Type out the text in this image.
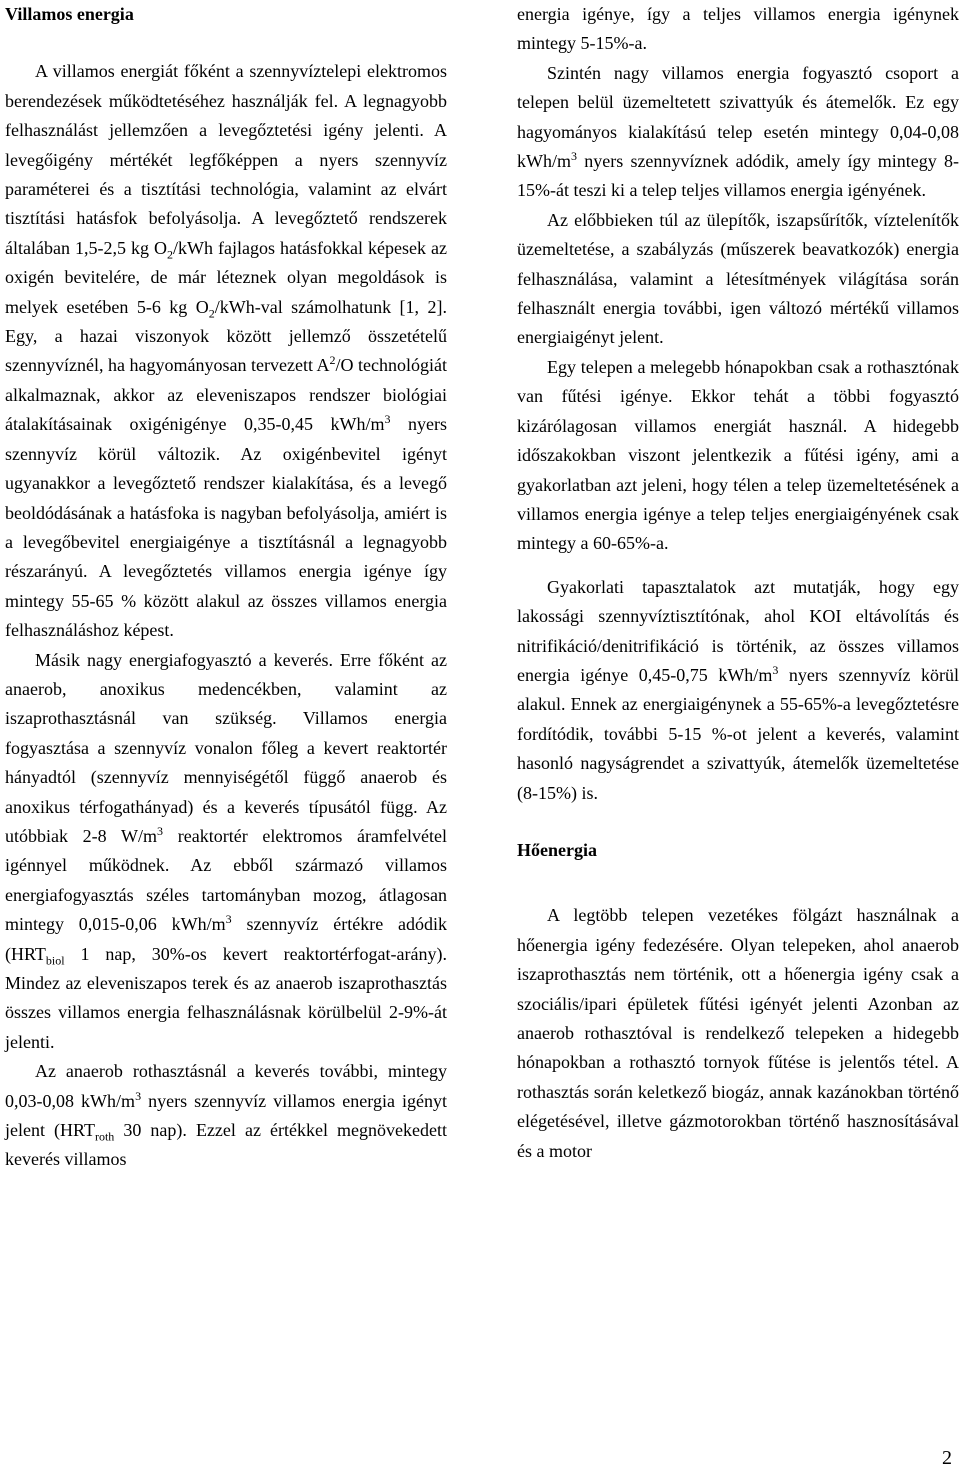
Villamos energia

A villamos energiát főként a szennyvíztelepi elektromos berendezések működtetéséhez használják fel. A legnagyobb felhasználást jellemzően a levegőztetési igény jelenti. A levegőigény mértékét legfőképpen a nyers szennyvíz paraméterei és a tisztítási technológia, valamint az elvárt tisztítási hatásfok befolyásolja. A levegőztető rendszerek általában 1,5-2,5 kg $O_2$/kWh fajlagos hatásfokkal képesek az oxigén bevitelére, de már léteznek olyan megoldások is melyek esetében 5-6 kg $O_2/kWh$-val számolhatunk [1, 2]. Egy, a hazai viszonyok között jellemző összetételű szennyvíznél, ha hagyományosan tervezett $A^2/O$ technológiát alkalmaznak, akkor az eleveniszapos rendszer biológiai átalakításainak oxigénigénye 0,35-0,45 kWh/$m^3$ nyers szennyvíz körül változik. Az oxigénbevitel igényt ugyanakkor a levegőztető rendszer kialakítása, és a levegő beoldódásának a hatásfoka is nagyban befolyásolja, amiért is a levegőbevitel energiaigénye a tisztításnál a legnagyobb részarányú. A levegőztetés villamos energia igénye így mintegy 55-65 % között alakul az összes villamos energia felhasználáshoz képest.

Másik nagy energiafogyasztó a keverés. Erre főként az anaerob, anoxikus medencékben, valamint az iszaprothasztásnál van szükség. Villamos energia fogyasztása a szennyvíz vonalon főleg a kevert reaktortér hányadtól (szennyvíz mennyiségétől függő anaerob és anoxikus térfogathányad) és a keverés típusától függ. Az utóbbiak 2-8 $W/m^3$ reaktortér elektromos áramfelvétel igénnyel működnek. Az ebből származó villamos energiafogyasztás széles tartományban mozog, átlagosan mintegy 0,015-0,06 kWh/$m^3$ szennyvíz értékre adódik ($HRT_{biol}$ 1 nap, 30%-os kevert reaktortérfogat-arány). Mindez az eleveniszapos terek és az anaerob iszaprothasztás összes villamos energia felhasználásnak körülbelül 2-9%-át jelenti.

Az anaerob rothasztásnál a keverés további, mintegy 0,03-0,08 kWh/$m^3$ nyers szennyvíz villamos energia igényt jelent ($HRT_{roth}$ 30 nap). Ezzel az értékkel megnövekedett keverés villamos

energia igénye, így a teljes villamos energia igénynek mintegy 5-15%-a.

Szintén nagy villamos energia fogyasztó csoport a telepen belül üzemeltetett szivattyúk és átemelők. Ez egy hagyományos kialakítású telep esetén mintegy 0,04-0,08 kWh/$m^3$ nyers szennyvíznek adódik, amely így mintegy 8-15%-át teszi ki a telep teljes villamos energia igényének.

Az előbbieken túl az ülepítők, iszapsűrítők, víztelenítők üzemeltetése, a szabályzás (műszerek beavatkozók) energia felhasználása, valamint a létesítmények világítása során felhasznált energia további, igen változó mértékű villamos energiaigényt jelent.

Egy telepen a melegebb hónapokban csak a rothasztónak van fűtési igénye. Ekkor tehát a többi fogyasztó kizárólagosan villamos energiát használ. A hidegebb időszakokban viszont jelentkezik a fűtési igény, ami a gyakorlatban azt jeleni, hogy télen a telep üzemeltetésének a villamos energia igénye a telep teljes energiaigényének csak mintegy a 60-65%-a.

Gyakorlati tapasztalatok azt mutatják, hogy egy lakossági szennyvíztisztítónak, ahol KOI eltávolítás és nitrifikáció/denitrifikáció is történik, az összes villamos energia igénye 0,45-0,75 kWh/$m^3$ nyers szennyvíz körül alakul. Ennek az energiaigénynek a 55-65%-a levegőztetésre fordítódik, további 5-15 %-ot jelent a keverés, valamint hasonló nagyságrendet a szivattyúk, átemelők üzemeltetése (8-15%) is.

Hőenergia

A legtöbb telepen vezetékes fölgázt használnak a hőenergia igény fedezésére. Olyan telepeken, ahol anaerob iszaprothasztás nem történik, ott a hőenergia igény csak a szociális/ipari épületek fűtési igényét jelenti Azonban az anaerob rothasztóval is rendelkező telepeken a hidegebb hónapokban a rothasztó tornyok fűtése is jelentős tétel. A rothasztás során keletkező biogáz, annak kazánokban történő elégetésével, illetve gázmotorokban történő hasznosításával és a motor

2
